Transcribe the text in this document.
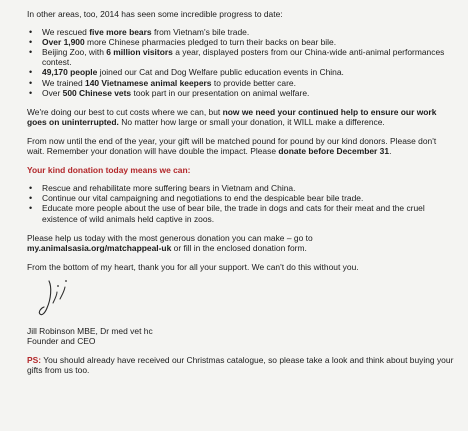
In other areas, too, 2014 has seen some incredible progress to date:

• We rescued five more bears from Vietnam's bile trade.
• Over 1,900 more Chinese pharmacies pledged to turn their backs on bear bile.
• Beijing Zoo, with 6 million visitors a year, displayed posters from our China-wide anti-animal performances contest.
• 49,170 people joined our Cat and Dog Welfare public education events in China.
• We trained 140 Vietnamese animal keepers to provide better care.
• Over 500 Chinese vets took part in our presentation on animal welfare.

We're doing our best to cut costs where we can, but now we need your continued help to ensure our work goes on uninterrupted. No matter how large or small your donation, it WILL make a difference.

From now until the end of the year, your gift will be matched pound for pound by our kind donors. Please don't wait. Remember your donation will have double the impact. Please donate before December 31.

Your kind donation today means we can:

• Rescue and rehabilitate more suffering bears in Vietnam and China.
• Continue our vital campaigning and negotiations to end the despicable bear bile trade.
• Educate more people about the use of bear bile, the trade in dogs and cats for their meat and the cruel existence of wild animals held captive in zoos.

Please help us today with the most generous donation you can make – go to
my.animalsasia.org/matchappeal-uk or fill in the enclosed donation form.

From the bottom of my heart, thank you for all your support. We can't do this without you.

Jill Robinson MBE, Dr med vet hc

Founder and CEO

PS: You should already have received our Christmas catalogue, so please take a look and think about buying your gifts from us too.
